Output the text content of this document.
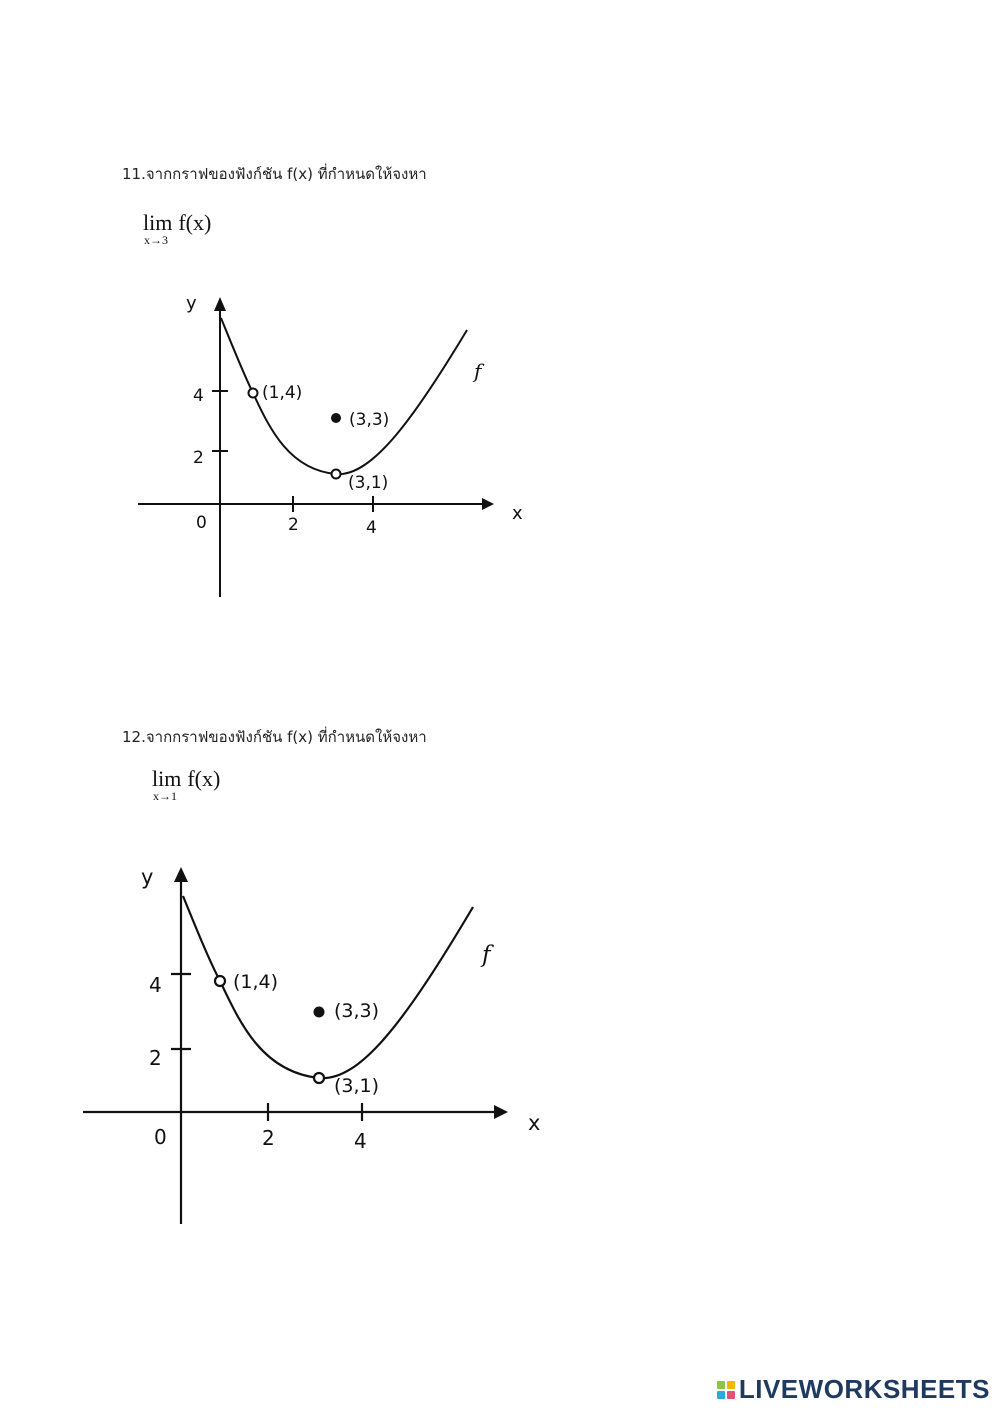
11.จากกราฟของฟังก์ชัน f(x) ที่กำหนดให้จงหา
lim f(x)
x→3
y
x
0	2	4
4
2
(1,4)
(3,3)
(3,1)
f
12.จากกราฟของฟังก์ชัน f(x) ที่กำหนดให้จงหา
lim f(x)
x→1
y
x
0	2	4
4
2
(1,4)
(3,3)
(3,1)
f
LIVEWORKSHEETS
